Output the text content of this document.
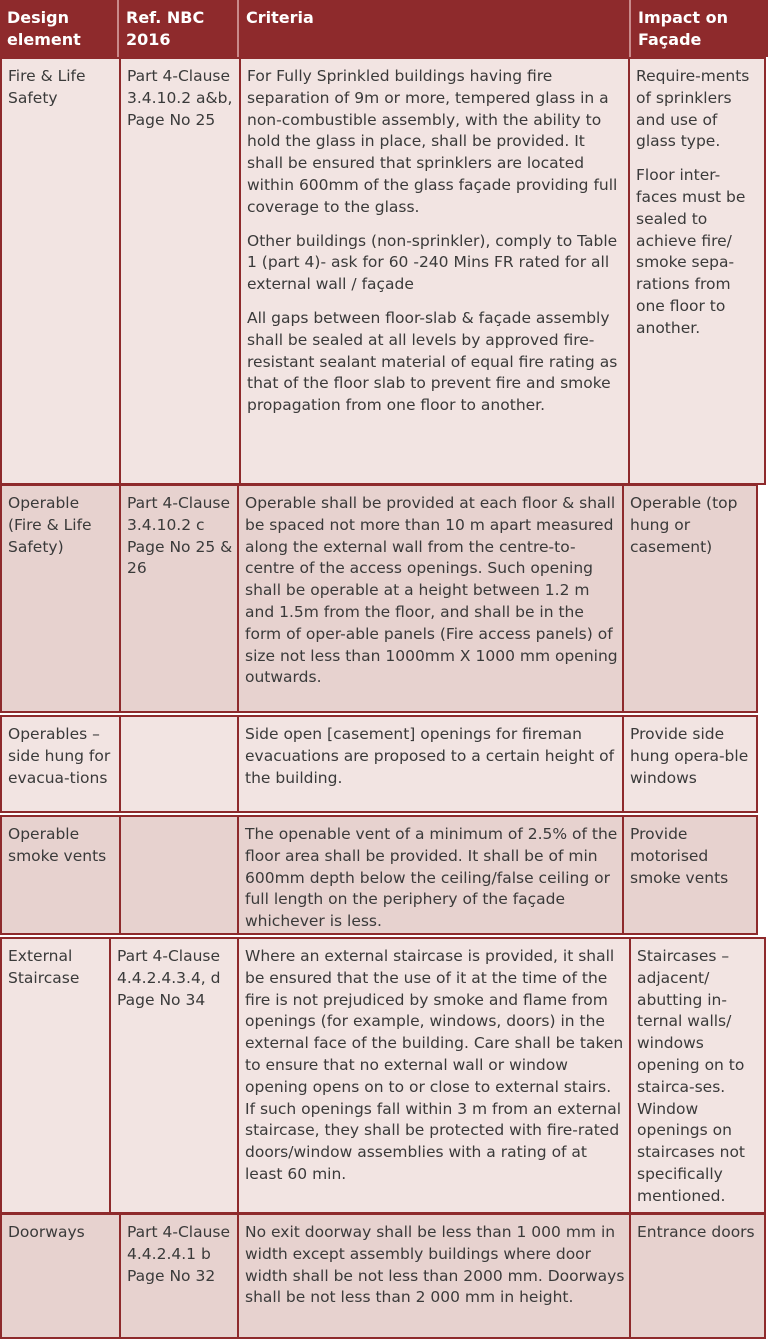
Design element
Ref. NBC 2016
Criteria	Impact on Façade

Fire & Life Safety

Part 4-Clause 3.4.10.2 a&b, Page No 25

For Fully Sprinkled buildings having fire separation of 9m or more, tempered glass in a non-combustible assembly, with the ability to hold the glass in place, shall be provided. It shall be ensured that sprinklers are located within 600mm of the glass façade providing full coverage to the glass.

Other buildings (non-sprinkler), comply to Table 1 (part 4)- ask for 60 -240 Mins FR rated for all external wall / façade

All gaps between floor-slab & façade assembly shall be sealed at all levels by approved fire-resistant sealant material of equal fire rating as that of the floor slab to prevent fire and smoke propagation from one floor to another.

Require-ments of sprinklers and use of glass type.

Floor inter-faces must be sealed to achieve fire/ smoke sepa-rations from one floor to another.

Operable (Fire & Life Safety)

Part 4-Clause 3.4.10.2 c Page No 25 & 26

Operable shall be provided at each floor & shall be spaced not more than 10 m apart measured along the external wall from the centre-to-centre of the access openings. Such opening shall be operable at a height between 1.2 m and 1.5m from the floor, and shall be in the form of oper-able panels (Fire access panels) of size not less than 1000mm X 1000 mm opening outwards.

Operable (top hung or casement)

Operables – side hung for evacua-tions

Side open [casement] openings for fireman evacuations are proposed to a certain height of the building.

Provide side hung opera-ble windows

Operable smoke vents

The openable vent of a minimum of 2.5% of the floor area shall be provided. It shall be of min 600mm depth below the ceiling/false ceiling or full length on the periphery of the façade whichever is less.

Provide motorised smoke vents

External Staircase

Part 4-Clause 4.4.2.4.3.4, d Page No 34

Where an external staircase is provided, it shall be ensured that the use of it at the time of the fire is not prejudiced by smoke and flame from openings (for example, windows, doors) in the external face of the building. Care shall be taken to ensure that no external wall or window opening opens on to or close to external stairs. If such openings fall within 3 m from an external staircase, they shall be protected with fire-rated doors/window assemblies with a rating of at least 60 min.

Staircases – adjacent/ abutting in-ternal walls/ windows opening on to stairca-ses. Window openings on staircases not specifically mentioned.

Doorways	Part 4-Clause 4.4.2.4.1 b Page No 32

No exit doorway shall be less than 1 000 mm in width except assembly buildings where door width shall be not less than 2000 mm. Doorways shall be not less than 2 000 mm in height.

Entrance doors
